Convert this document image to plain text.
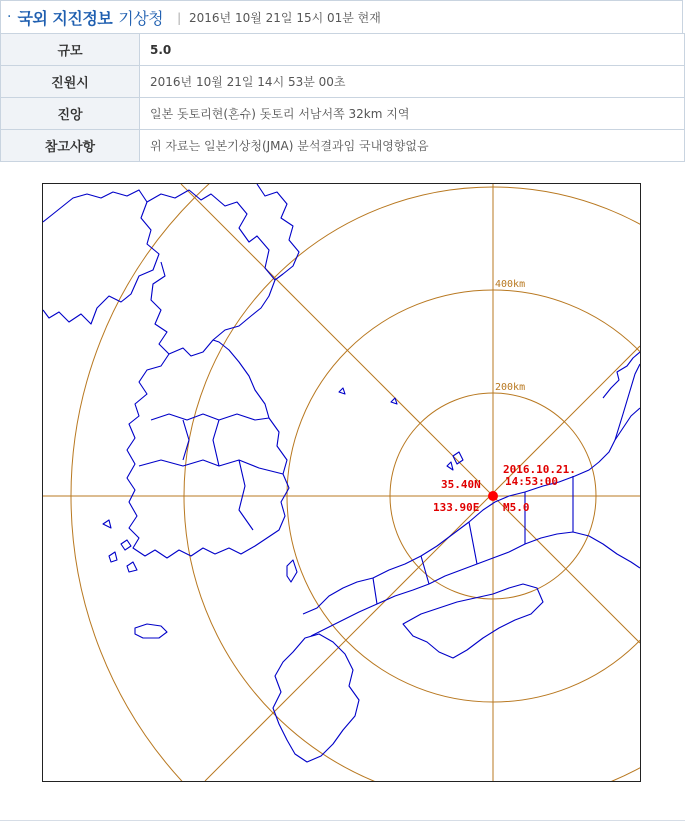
· 국외 지진정보 기상청 | 2016년 10월 21일 15시 01분 현재
규모	5.0
진원시	2016년 10월 21일 14시 53분 00초
진앙	일본 돗토리현(혼슈) 돗토리 서남서쪽 32km 지역
참고사항	위 자료는 일본기상청(JMA) 분석결과임 국내영향없음
200km
400km
35.40N
133.90E
2016.10.21.
14:53:00
M5.0
